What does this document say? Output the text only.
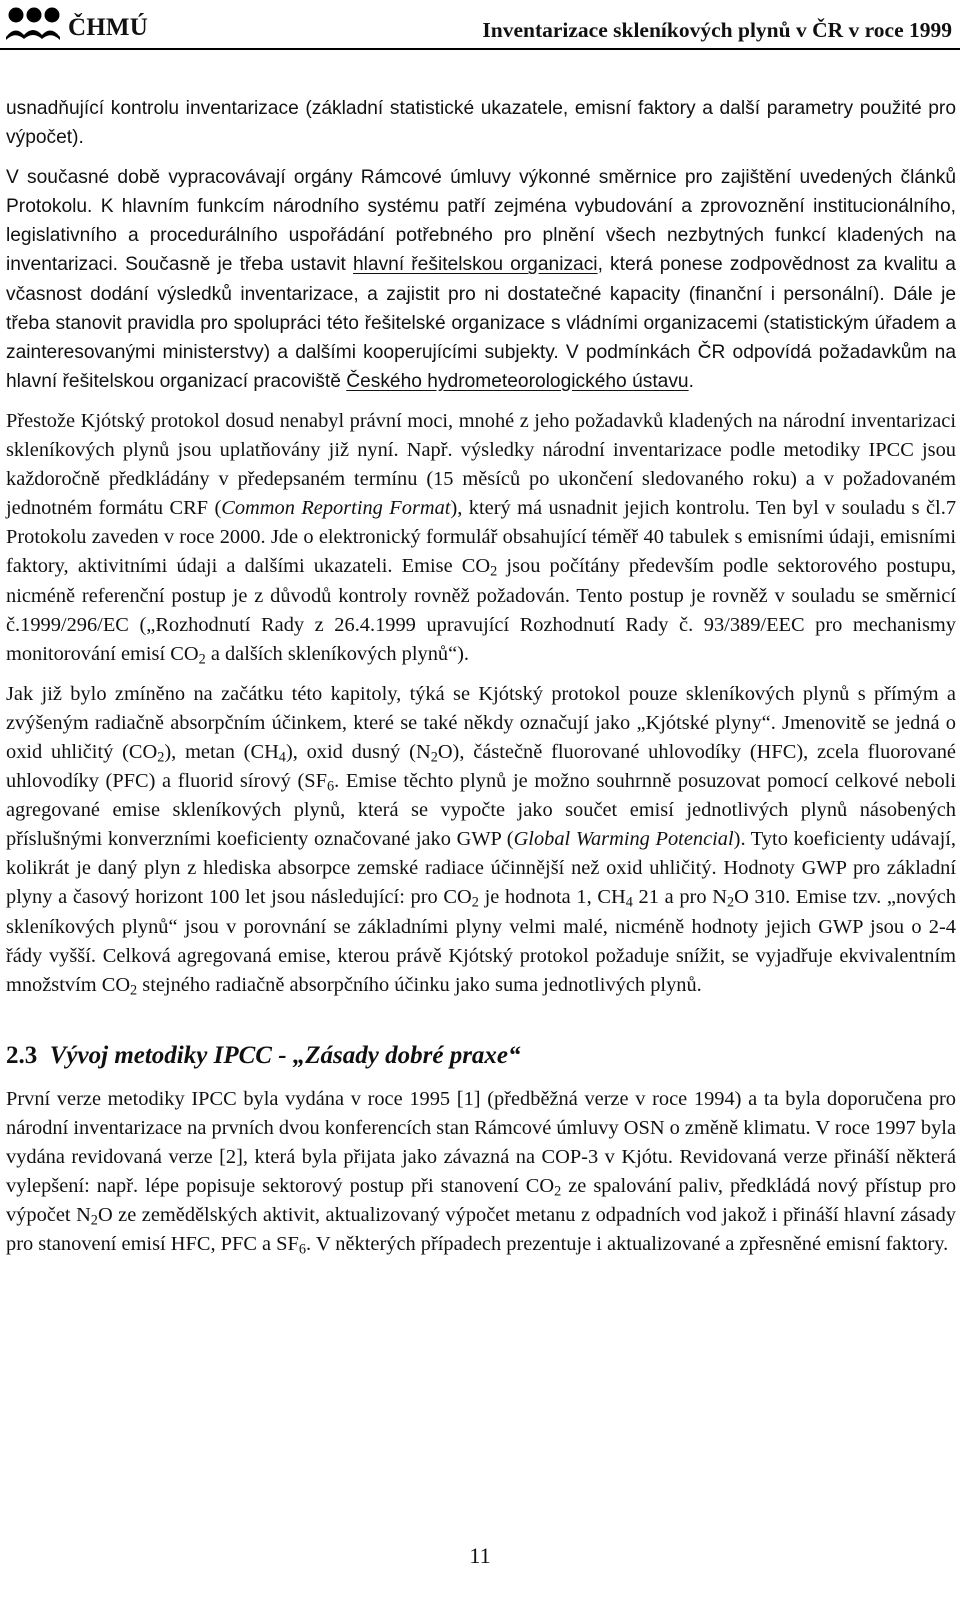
ČHMÚ	Inventarizace skleníkových plynů v ČR v roce 1999

usnadňující kontrolu inventarizace (základní statistické ukazatele, emisní faktory a další parametry použité pro výpočet).

V současné době vypracovávají orgány Rámcové úmluvy výkonné směrnice pro zajištění uvedených článků Protokolu. K hlavním funkcím národního systému patří zejména vybudování a zprovoznění institucionálního, legislativního a procedurálního uspořádání potřebného pro plnění všech nezbytných funkcí kladených na inventarizaci. Současně je třeba ustavit hlavní řešitelskou organizaci, která ponese zodpovědnost za kvalitu a včasnost dodání výsledků inventarizace, a zajistit pro ni dostatečné kapacity (finanční i personální). Dále je třeba stanovit pravidla pro spolupráci této řešitelské organizace s vládními organizacemi (statistickým úřadem a zainteresovanými ministerstvy) a dalšími kooperujícími subjekty. V podmínkách ČR odpovídá požadavkům na hlavní řešitelskou organizací pracoviště Českého hydrometeorologického ústavu.

Přestože Kjótský protokol dosud nenabyl právní moci, mnohé z jeho požadavků kladených na národní inventarizaci skleníkových plynů jsou uplatňovány již nyní. Např. výsledky národní inventarizace podle metodiky IPCC jsou každoročně předkládány v předepsaném termínu (15 měsíců po ukončení sledovaného roku) a v požadovaném jednotném formátu CRF (Common Reporting Format), který má usnadnit jejich kontrolu. Ten byl v souladu s čl.7 Protokolu zaveden v roce 2000. Jde o elektronický formulář obsahující téměř 40 tabulek s emisními údaji, emisními faktory, aktivitními údaji a dalšími ukazateli. Emise $CO_2$ jsou počítány především podle sektorového postupu, nicméně referenční postup je z důvodů kontroly rovněž požadován. Tento postup je rovněž v souladu se směrnicí č.1999/296/EC („Rozhodnutí Rady z 26.4.1999 upravující Rozhodnutí Rady č. 93/389/EEC pro mechanismy monitorování emisí $CO_2$ a dalších skleníkových plynů“).

Jak již bylo zmíněno na začátku této kapitoly, týká se Kjótský protokol pouze skleníkových plynů s přímým a zvýšeným radiačně absorpčním účinkem, které se také někdy označují jako „Kjótské plyny“. Jmenovitě se jedná o oxid uhličitý $(CO_2)$, metan $(CH_4)$, oxid dusný $(N_2O)$, částečně fluorované uhlovodíky (HFC), zcela fluorované uhlovodíky (PFC) a fluorid sírový ($SF_6$. Emise těchto plynů je možno souhrnně posuzovat pomocí celkové neboli agregované emise skleníkových plynů, která se vypočte jako součet emisí jednotlivých plynů násobených příslušnými konverzními koeficienty označované jako GWP (Global Warming Potencial). Tyto koeficienty udávají, kolikrát je daný plyn z hlediska absorpce zemské radiace účinnější než oxid uhličitý. Hodnoty GWP pro základní plyny a časový horizont 100 let jsou následující: pro $CO_2$ je hodnota 1, $CH_4$ 21 a pro $N_2O$ 310. Emise tzv. „nových skleníkových plynů“ jsou v porovnání se základními plyny velmi malé, nicméně hodnoty jejich GWP jsou o 2-4 řády vyšší. Celková agregovaná emise, kterou právě Kjótský protokol požaduje snížit, se vyjadřuje ekvivalentním množstvím $CO_2$ stejného radiačně absorpčního účinku jako suma jednotlivých plynů.

2.3 Vývoj metodiky IPCC - „Zásady dobré praxe“

První verze metodiky IPCC byla vydána v roce 1995 [1] (předběžná verze v roce 1994) a ta byla doporučena pro národní inventarizace na prvních dvou konferencích stan Rámcové úmluvy OSN o změně klimatu. V roce 1997 byla vydána revidovaná verze [2], která byla přijata jako závazná na COP-3 v Kjótu. Revidovaná verze přináší některá vylepšení: např. lépe popisuje sektorový postup při stanovení $CO_2$ ze spalování paliv, předkládá nový přístup pro výpočet $N_2O$ ze zemědělských aktivit, aktualizovaný výpočet metanu z odpadních vod jakož i přináší hlavní zásady pro stanovení emisí HFC, PFC a $SF_6$. V některých případech prezentuje i aktualizované a zpřesněné emisní faktory.

11
